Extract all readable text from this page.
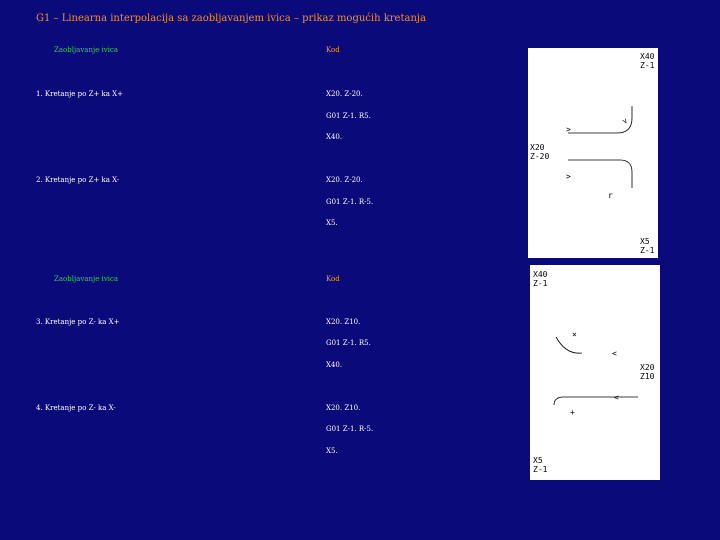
G1 – Linearna interpolacija sa zaobljavanjem ivica – prikaz mogućih kretanja
Zaobljavanje ivica	Kod
1. Kretanje po Z+ ka X+	X20. Z-20.
G01 Z-1. R5.
X40.
2. Kretanje po Z+ ka X-	X20. Z-20.
G01 Z-1. R-5.
X5.
Zaobljavanje ivica	Kod
3. Kretanje po Z- ka X+	X20. Z10.
G01 Z-1. R5.
X40.
4. Kretanje po Z- ka X-	X20. Z10.
G01 Z-1. R-5.
X5.
X40
Z-1
>
>
>
r
X20
Z-20
X5
Z-1
X40
Z-1
×
<
<
+
X20
Z10
X5
Z-1
